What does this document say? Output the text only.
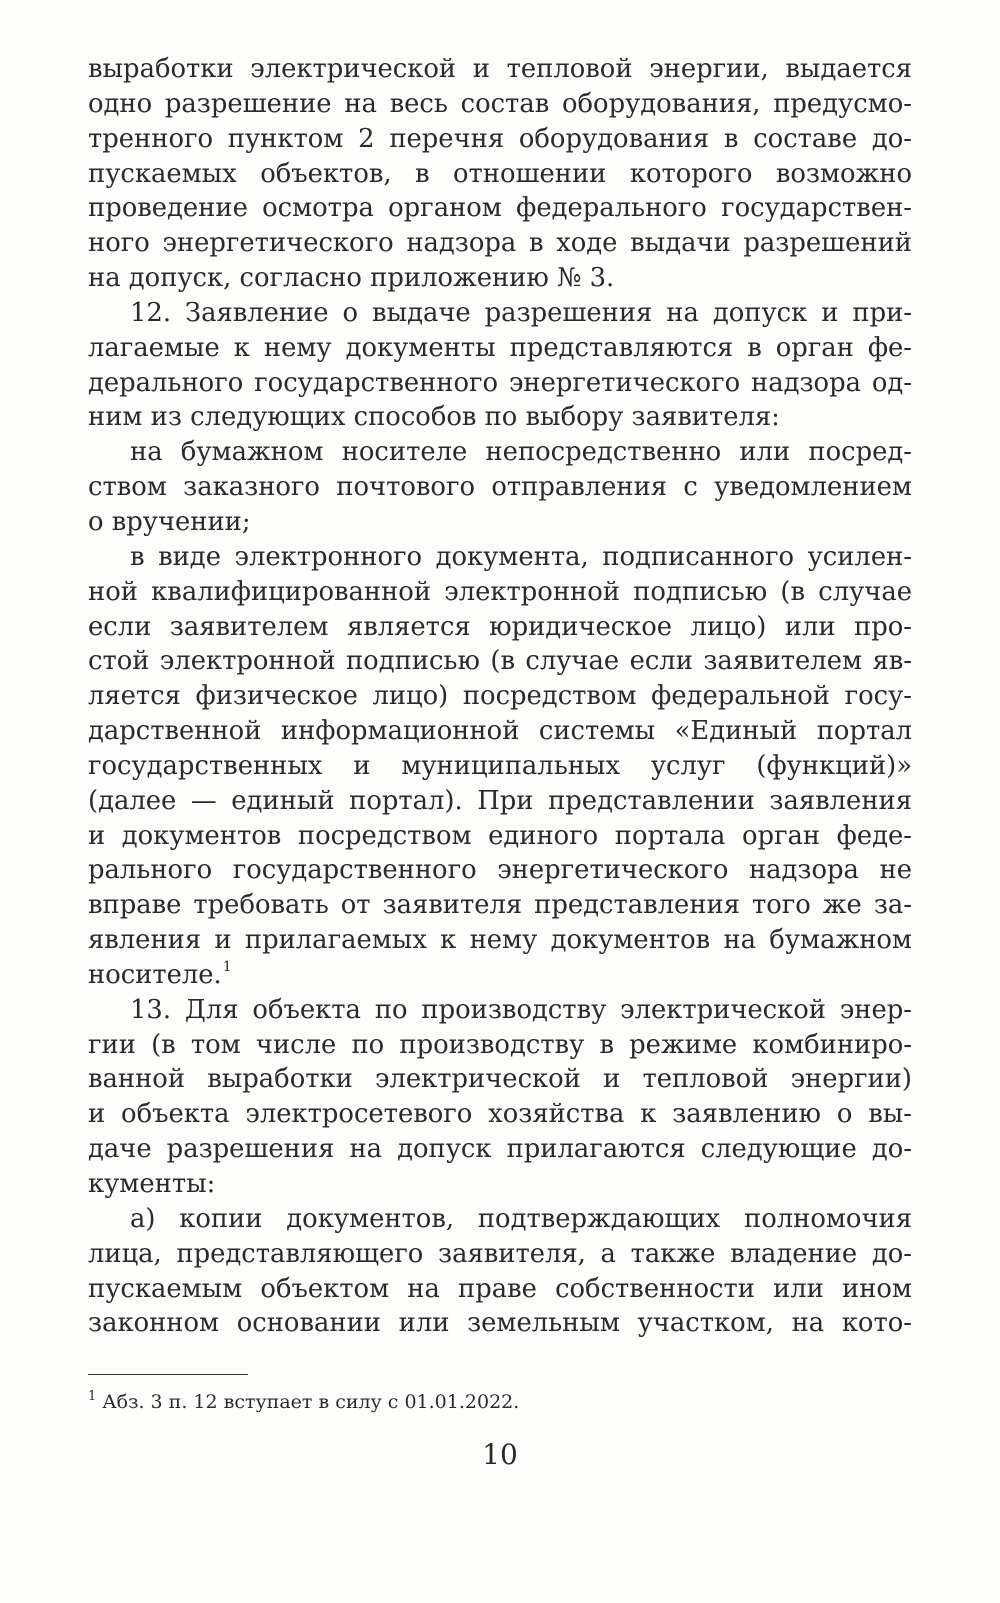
выработки электрической и тепловой энергии, выдается
одно разрешение на весь состав оборудования, предусмо-
тренного пунктом 2 перечня оборудования в составе до-
пускаемых объектов, в отношении которого возможно
проведение осмотра органом федерального государствен-
ного энергетического надзора в ходе выдачи разрешений
на допуск, согласно приложению № 3.
12. Заявление о выдаче разрешения на допуск и при-
лагаемые к нему документы представляются в орган фе-
дерального государственного энергетического надзора од-
ним из следующих способов по выбору заявителя:
на бумажном носителе непосредственно или посред-
ством заказного почтового отправления с уведомлением
о вручении;
в виде электронного документа, подписанного усилен-
ной квалифицированной электронной подписью (в случае
если заявителем является юридическое лицо) или про-
стой электронной подписью (в случае если заявителем яв-
ляется физическое лицо) посредством федеральной госу-
дарственной информационной системы «Единый портал
государственных и муниципальных услуг (функций)»
(далее — единый портал). При представлении заявления
и документов посредством единого портала орган феде-
рального государственного энергетического надзора не
вправе требовать от заявителя представления того же за-
явления и прилагаемых к нему документов на бумажном
носителе.$^1$
13. Для объекта по производству электрической энер-
гии (в том числе по производству в режиме комбиниро-
ванной выработки электрической и тепловой энергии)
и объекта электросетевого хозяйства к заявлению о вы-
даче разрешения на допуск прилагаются следующие до-
кументы:
а) копии документов, подтверждающих полномочия
лица, представляющего заявителя, а также владение до-
пускаемым объектом на праве собственности или ином
законном основании или земельным участком, на кото-
$^1$ Абз. 3 п. 12 вступает в силу с 01.01.2022.
10
